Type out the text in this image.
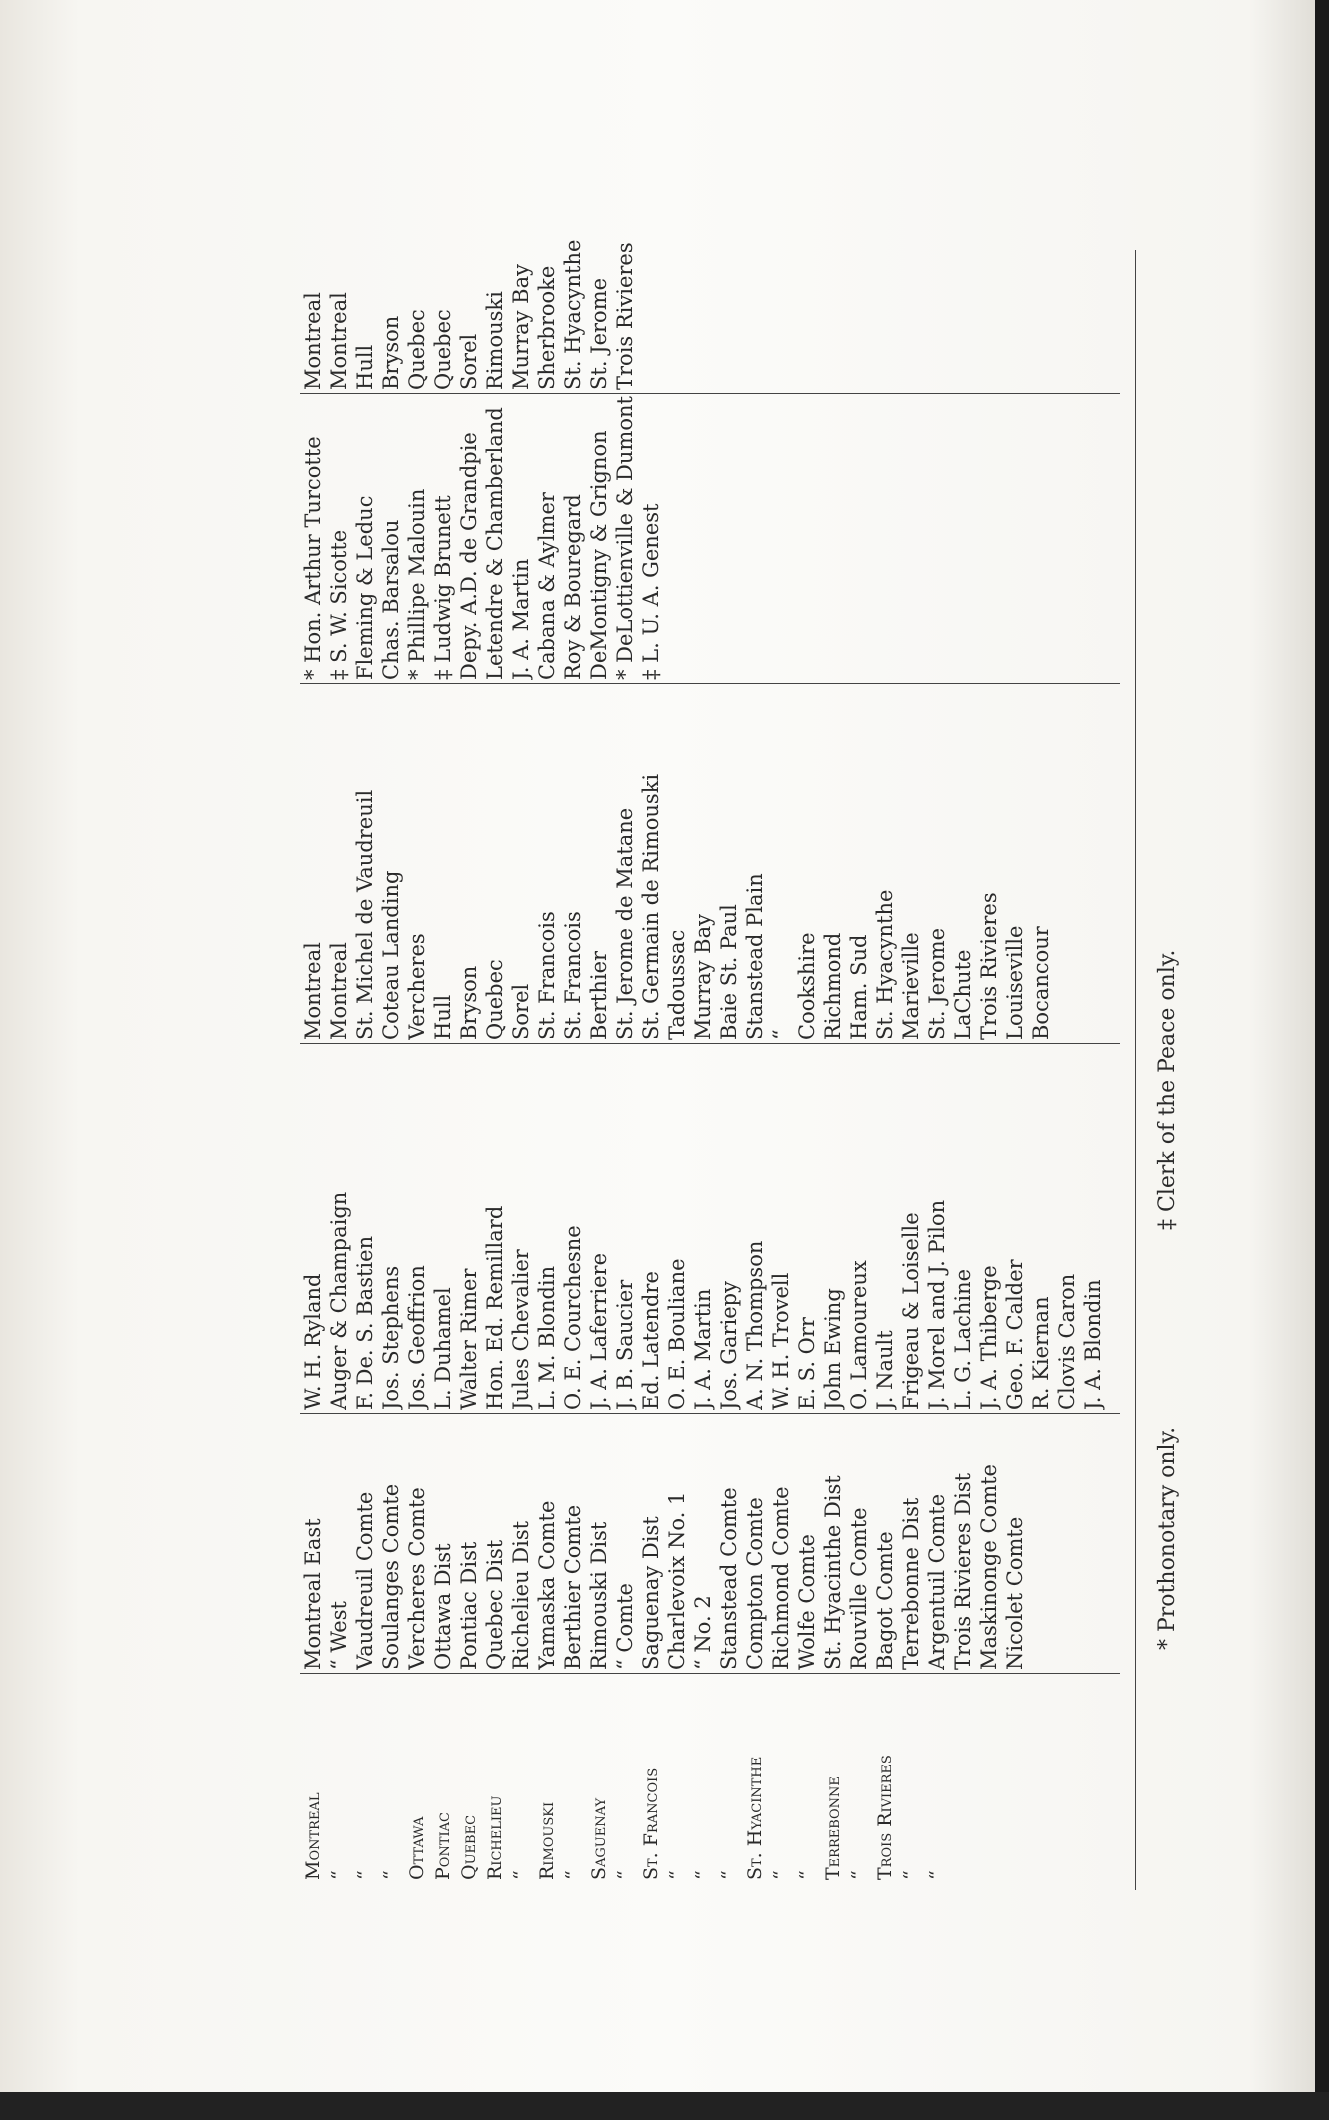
Montreal “ “ “ Ottawa Pontiac Quebec Richelieu “ Rimouski “ Saguenay “ St. Francois “ “ “ St. Hyacinthe “ “ Terrebonne “ Trois Rivieres “ “
Montreal East “ West Vaudreuil Comte Soulanges Comte Vercheres Comte Ottawa Dist Pontiac Dist Quebec Dist Richelieu Dist Yamaska Comte Berthier Comte Rimouski Dist “ Comte Saguenay Dist Charlevoix No. 1 “ No. 2 Stanstead Comte Compton Comte Richmond Comte Wolfe Comte St. Hyacinthe Dist Rouville Comte Bagot Comte Terrebonne Dist Argentuil Comte Trois Rivieres Dist Maskinonge Comte Nicolet Comte
W. H. Ryland Auger & Champaign F. De. S. Bastien Jos. Stephens Jos. Geoffrion L. Duhamel Walter Rimer Hon. Ed. Remillard Jules Chevalier L. M. Blondin O. E. Courchesne J. A. Laferriere J. B. Saucier Ed. Latendre O. E. Bouliane J. A. Martin Jos. Gariepy A. N. Thompson W. H. Trovell E. S. Orr John Ewing O. Lamoureux J. Nault Frigeau & Loiselle J. Morel and J. Pilon L. G. Lachine J. A. Thiberge Geo. F. Calder R. Kiernan Clovis Caron J. A. Blondin
Montreal Montreal St. Michel de Vaudreuil Coteau Landing Vercheres Hull Bryson Quebec Sorel St. Francois St. Francois Berthier St. Jerome de Matane St. Germain de Rimouski Tadoussac Murray Bay Baie St. Paul Stanstead Plain “ Cookshire Richmond Ham. Sud St. Hyacynthe Marieville St. Jerome LaChute Trois Rivieres Louiseville Bocancour
* Hon. Arthur Turcotte ‡ S. W. Sicotte Fleming & Leduc Chas. Barsalou * Phillipe Malouin ‡ Ludwig Brunett Depy. A.D. de Grandpie Letendre & Chamberland J. A. Martin Cabana & Aylmer Roy & Bouregard DeMontigny & Grignon * DeLottienville & Dumont ‡ L. U. A. Genest
Montreal Montreal Hull Bryson Quebec Quebec Sorel Rimouski Murray Bay Sherbrooke St. Hyacynthe St. Jerome Trois Rivieres
* Prothonotary only.
‡ Clerk of the Peace only.
